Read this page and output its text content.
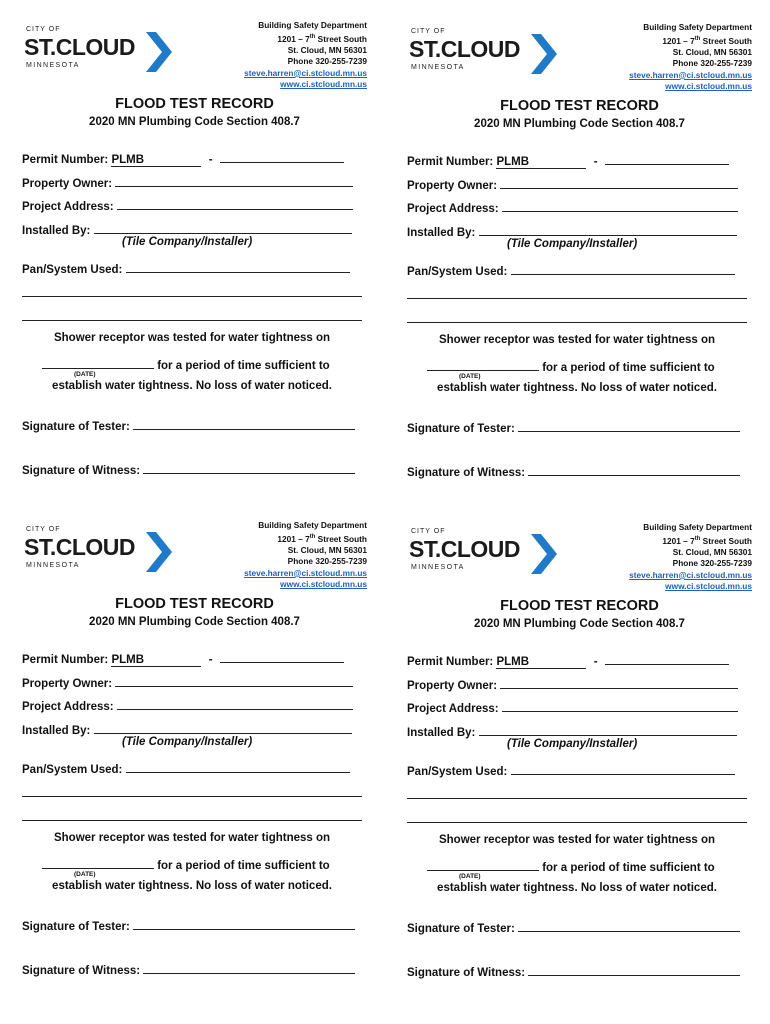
CITY OF
ST.CLOUD
MINNESOTA
Building Safety Department
1201 – 7th Street South
St. Cloud, MN 56301
Phone 320-255-7239
steve.harren@ci.stcloud.mn.us
www.ci.stcloud.mn.us
FLOOD TEST RECORD
2020 MN Plumbing Code Section 408.7
Permit Number: PLMB	-
Property Owner:
Project Address:
Installed By:
(Tile Company/Installer)
Pan/System Used:
Shower receptor was tested for water tightness on
for a period of time sufficient to
(DATE)
establish water tightness. No loss of water noticed.
Signature of Tester:
Signature of Witness:
CITY OF
ST.CLOUD
MINNESOTA
Building Safety Department
1201 – 7th Street South
St. Cloud, MN 56301
Phone 320-255-7239
steve.harren@ci.stcloud.mn.us
www.ci.stcloud.mn.us
FLOOD TEST RECORD
2020 MN Plumbing Code Section 408.7
Permit Number: PLMB	-
Property Owner:
Project Address:
Installed By:
(Tile Company/Installer)
Pan/System Used:
Shower receptor was tested for water tightness on
for a period of time sufficient to
(DATE)
establish water tightness. No loss of water noticed.
Signature of Tester:
Signature of Witness:
CITY OF
ST.CLOUD
MINNESOTA
Building Safety Department
1201 – 7th Street South
St. Cloud, MN 56301
Phone 320-255-7239
steve.harren@ci.stcloud.mn.us
www.ci.stcloud.mn.us
FLOOD TEST RECORD
2020 MN Plumbing Code Section 408.7
Permit Number: PLMB	-
Property Owner:
Project Address:
Installed By:
(Tile Company/Installer)
Pan/System Used:
Shower receptor was tested for water tightness on
for a period of time sufficient to
(DATE)
establish water tightness. No loss of water noticed.
Signature of Tester:
Signature of Witness:
CITY OF
ST.CLOUD
MINNESOTA
Building Safety Department
1201 – 7th Street South
St. Cloud, MN 56301
Phone 320-255-7239
steve.harren@ci.stcloud.mn.us
www.ci.stcloud.mn.us
FLOOD TEST RECORD
2020 MN Plumbing Code Section 408.7
Permit Number: PLMB	-
Property Owner:
Project Address:
Installed By:
(Tile Company/Installer)
Pan/System Used:
Shower receptor was tested for water tightness on
for a period of time sufficient to
(DATE)
establish water tightness. No loss of water noticed.
Signature of Tester:
Signature of Witness:
